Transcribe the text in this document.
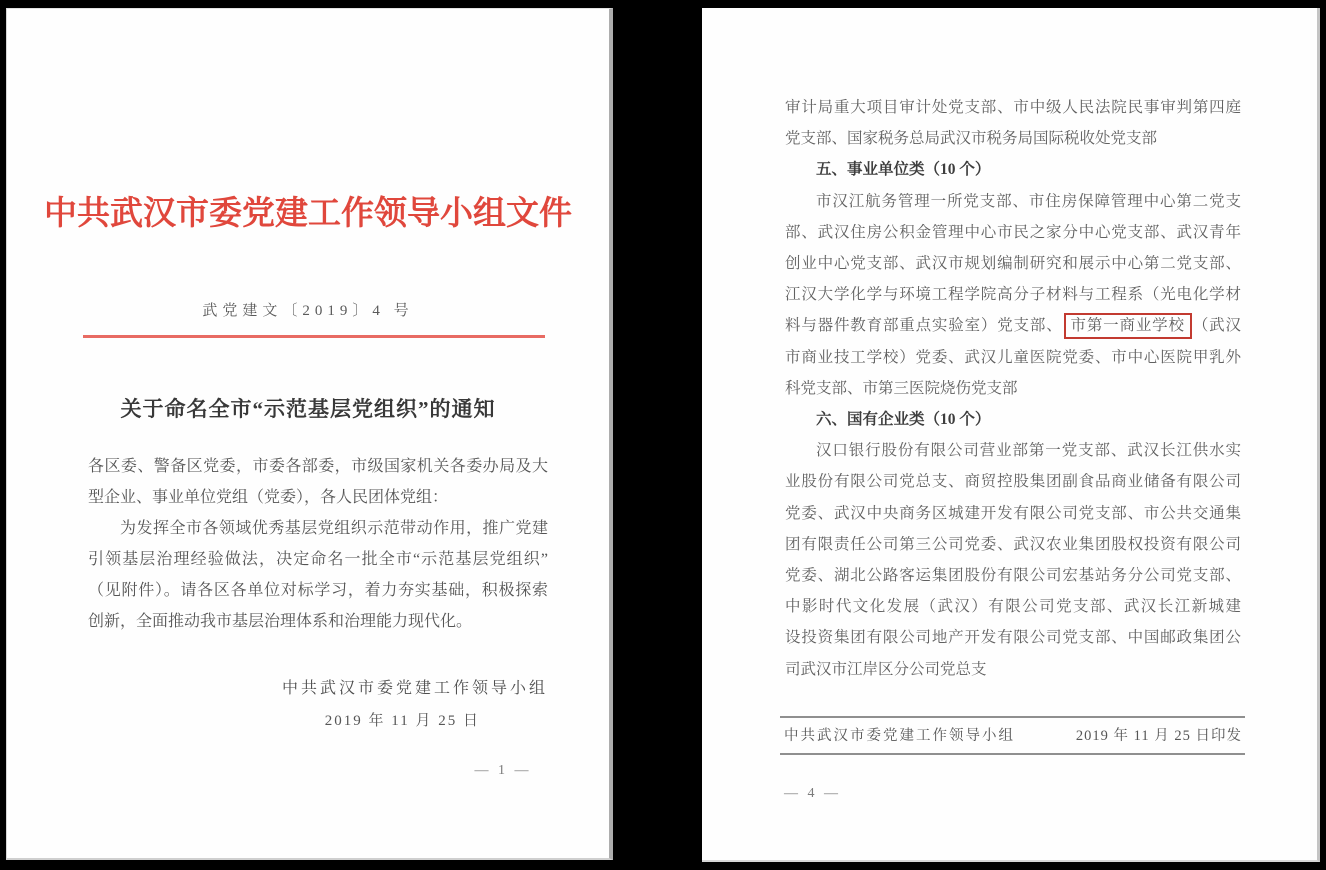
中共武汉市委党建工作领导小组文件
武党建文〔2019〕4 号
关于命名全市“示范基层党组织”的通知
各区委、警备区党委，市委各部委，市级国家机关各委办局及大
型企业、事业单位党组（党委），各人民团体党组：
为发挥全市各领域优秀基层党组织示范带动作用，推广党建
引领基层治理经验做法，决定命名一批全市“示范基层党组织”
（见附件）。请各区各单位对标学习，着力夯实基础，积极探索
创新，全面推动我市基层治理体系和治理能力现代化。
中共武汉市委党建工作领导小组
2019 年 11 月 25 日
— 1 —
审计局重大项目审计处党支部、市中级人民法院民事审判第四庭
党支部、国家税务总局武汉市税务局国际税收处党支部
五、事业单位类（10 个）
市汉江航务管理一所党支部、市住房保障管理中心第二党支
部、武汉住房公积金管理中心市民之家分中心党支部、武汉青年
创业中心党支部、武汉市规划编制研究和展示中心第二党支部、
江汉大学化学与环境工程学院高分子材料与工程系（光电化学材
料与器件教育部重点实验室）党支部、 市第一商业学校 （武汉
市商业技工学校）党委、武汉儿童医院党委、市中心医院甲乳外
科党支部、市第三医院烧伤党支部
六、国有企业类（10 个）
汉口银行股份有限公司营业部第一党支部、武汉长江供水实
业股份有限公司党总支、商贸控股集团副食品商业储备有限公司
党委、武汉中央商务区城建开发有限公司党支部、市公共交通集
团有限责任公司第三公司党委、武汉农业集团股权投资有限公司
党委、湖北公路客运集团股份有限公司宏基站务分公司党支部、
中影时代文化发展（武汉）有限公司党支部、武汉长江新城建
设投资集团有限公司地产开发有限公司党支部、中国邮政集团公
司武汉市江岸区分公司党总支
中共武汉市委党建工作领导小组	2019 年 11 月 25 日印发
— 4 —
